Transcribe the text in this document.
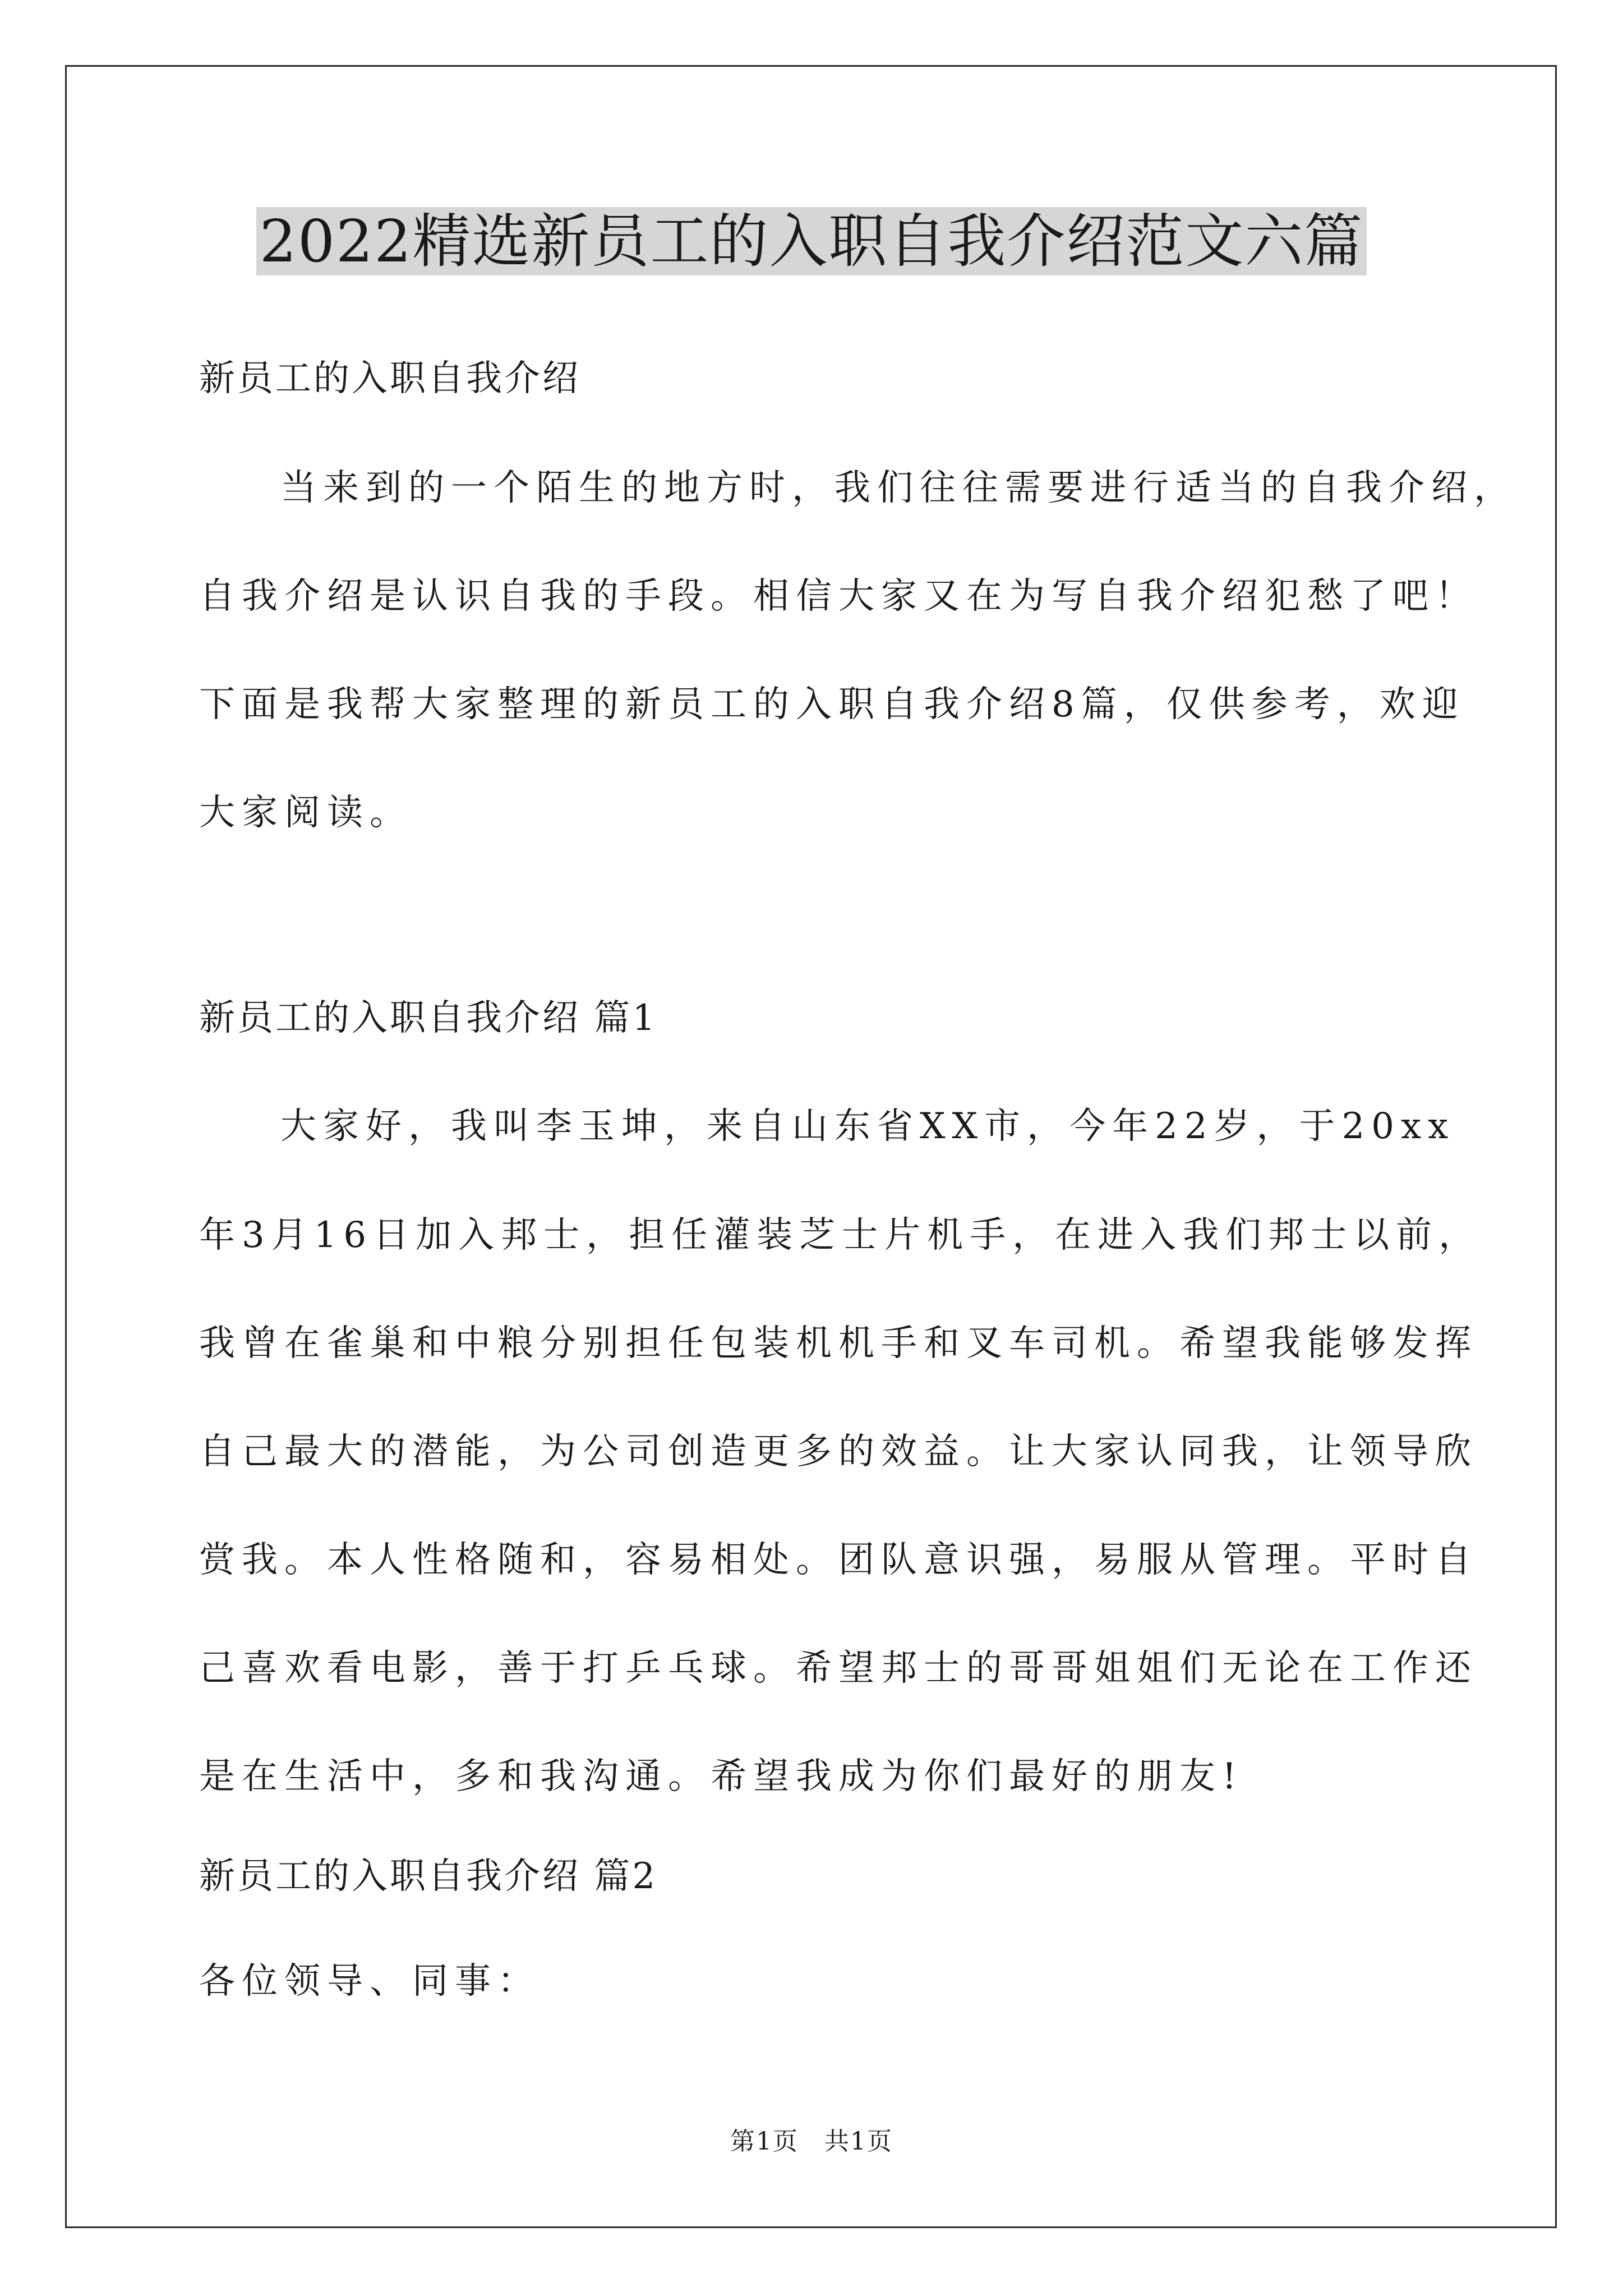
2022精选新员工的入职自我介绍范文六篇
新员工的入职自我介绍
当来到的一个陌生的地方时，我们往往需要进行适当的自我介绍，
自我介绍是认识自我的手段。相信大家又在为写自我介绍犯愁了吧！
下面是我帮大家整理的新员工的入职自我介绍8篇，仅供参考，欢迎
大家阅读。
新员工的入职自我介绍 篇1
大家好，我叫李玉坤，来自山东省XX市，今年22岁，于20xx
年3月16日加入邦士，担任灌装芝士片机手，在进入我们邦士以前，
我曾在雀巢和中粮分别担任包装机机手和叉车司机。希望我能够发挥
自己最大的潜能，为公司创造更多的效益。让大家认同我，让领导欣
赏我。本人性格随和，容易相处。团队意识强，易服从管理。平时自
己喜欢看电影，善于打乒乓球。希望邦士的哥哥姐姐们无论在工作还
是在生活中，多和我沟通。希望我成为你们最好的朋友!
新员工的入职自我介绍 篇2
各位领导、同事：
第1页　共1页
